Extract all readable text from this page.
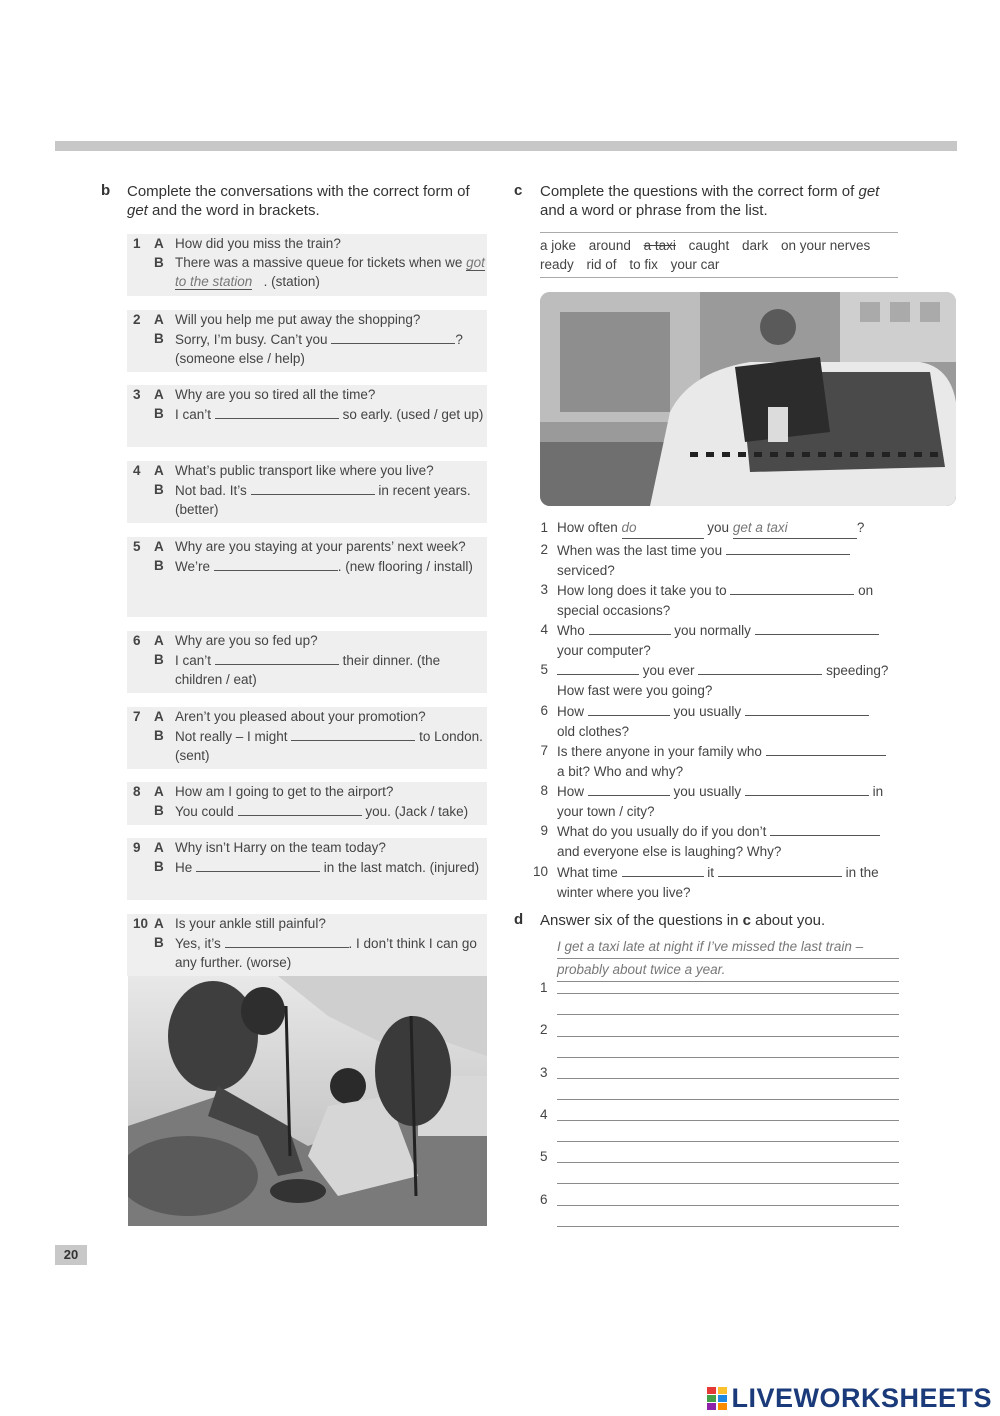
b Complete the conversations with the correct form of get and the word in brackets.
1 A How did you miss the train?
B There was a massive queue for tickets when we got to the station . (station)
2 A Will you help me put away the shopping?
B Sorry, I’m busy. Can’t you	? (someone else / help)
3 A Why are you so tired all the time?
B I can’t	so early. (used / get up)
4 A What’s public transport like where you live?
B Not bad. It’s	in recent years. (better)
5 A Why are you staying at your parents’ next week?
B We’re	. (new flooring / install)
6 A Why are you so fed up?
B I can’t	their dinner. (the children / eat)
7 A Aren’t you pleased about your promotion?
B Not really – I might	to London. (sent)
8 A How am I going to get to the airport?
B You could	you. (Jack / take)
9 A Why isn’t Harry on the team today?
B He	in the last match. (injured)
10 A Is your ankle still painful?
B Yes, it’s	. I don’t think I can go any further. (worse)
c Complete the questions with the correct form of get and a word or phrase from the list.
a joke around a taxi caught dark on your nerves
ready rid of to fix your car
1 How often do	you get a taxi	?
2 When was the last time you
serviced?
3 How long does it take you to	on
special occasions?
4 Who	you normally
your computer?
5	you ever	speeding?
How fast were you going?
6 How	you usually
old clothes?
7 Is there anyone in your family who
a bit? Who and why?
8 How	you usually	in
your town / city?
9 What do you usually do if you don’t
and everyone else is laughing? Why?
10 What time	it	in the
winter where you live?
d Answer six of the questions in c about you.
I get a taxi late at night if I’ve missed the last train –
probably about twice a year.
1
2
3
4
5
6
20
LIVEWORKSHEETS
